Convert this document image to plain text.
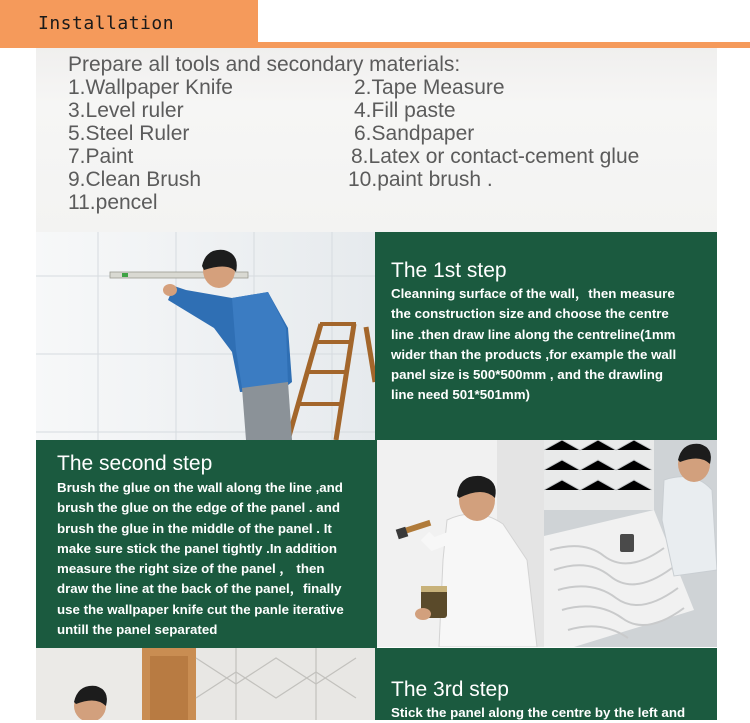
Installation
Prepare all tools and secondary materials:
1.Wallpaper Knife	2.Tape Measure
3.Level ruler	4.Fill paste
5.Steel Ruler	6.Sandpaper
7.Paint	8.Latex or contact-cement glue
9.Clean Brush	10.paint brush .
11.pencel
The 1st step
Cleanning surface of the wall，then measure
the construction size and choose the centre
line .then draw line along the centreline(1mm
wider than the products ,for example the wall
panel size is 500*500mm , and the drawling
line need 501*501mm)
The second step
Brush the glue on the wall along the line ,and
brush the glue on the edge of the panel . and
brush the glue in the middle of the panel . It
make sure stick the panel tightly .In addition
measure the right size of the panel ， then
draw the line at the back of the panel，finally
use the wallpaper knife cut the panle iterative
untill the panel separated
The 3rd step
Stick the panel along the centre by the left and
